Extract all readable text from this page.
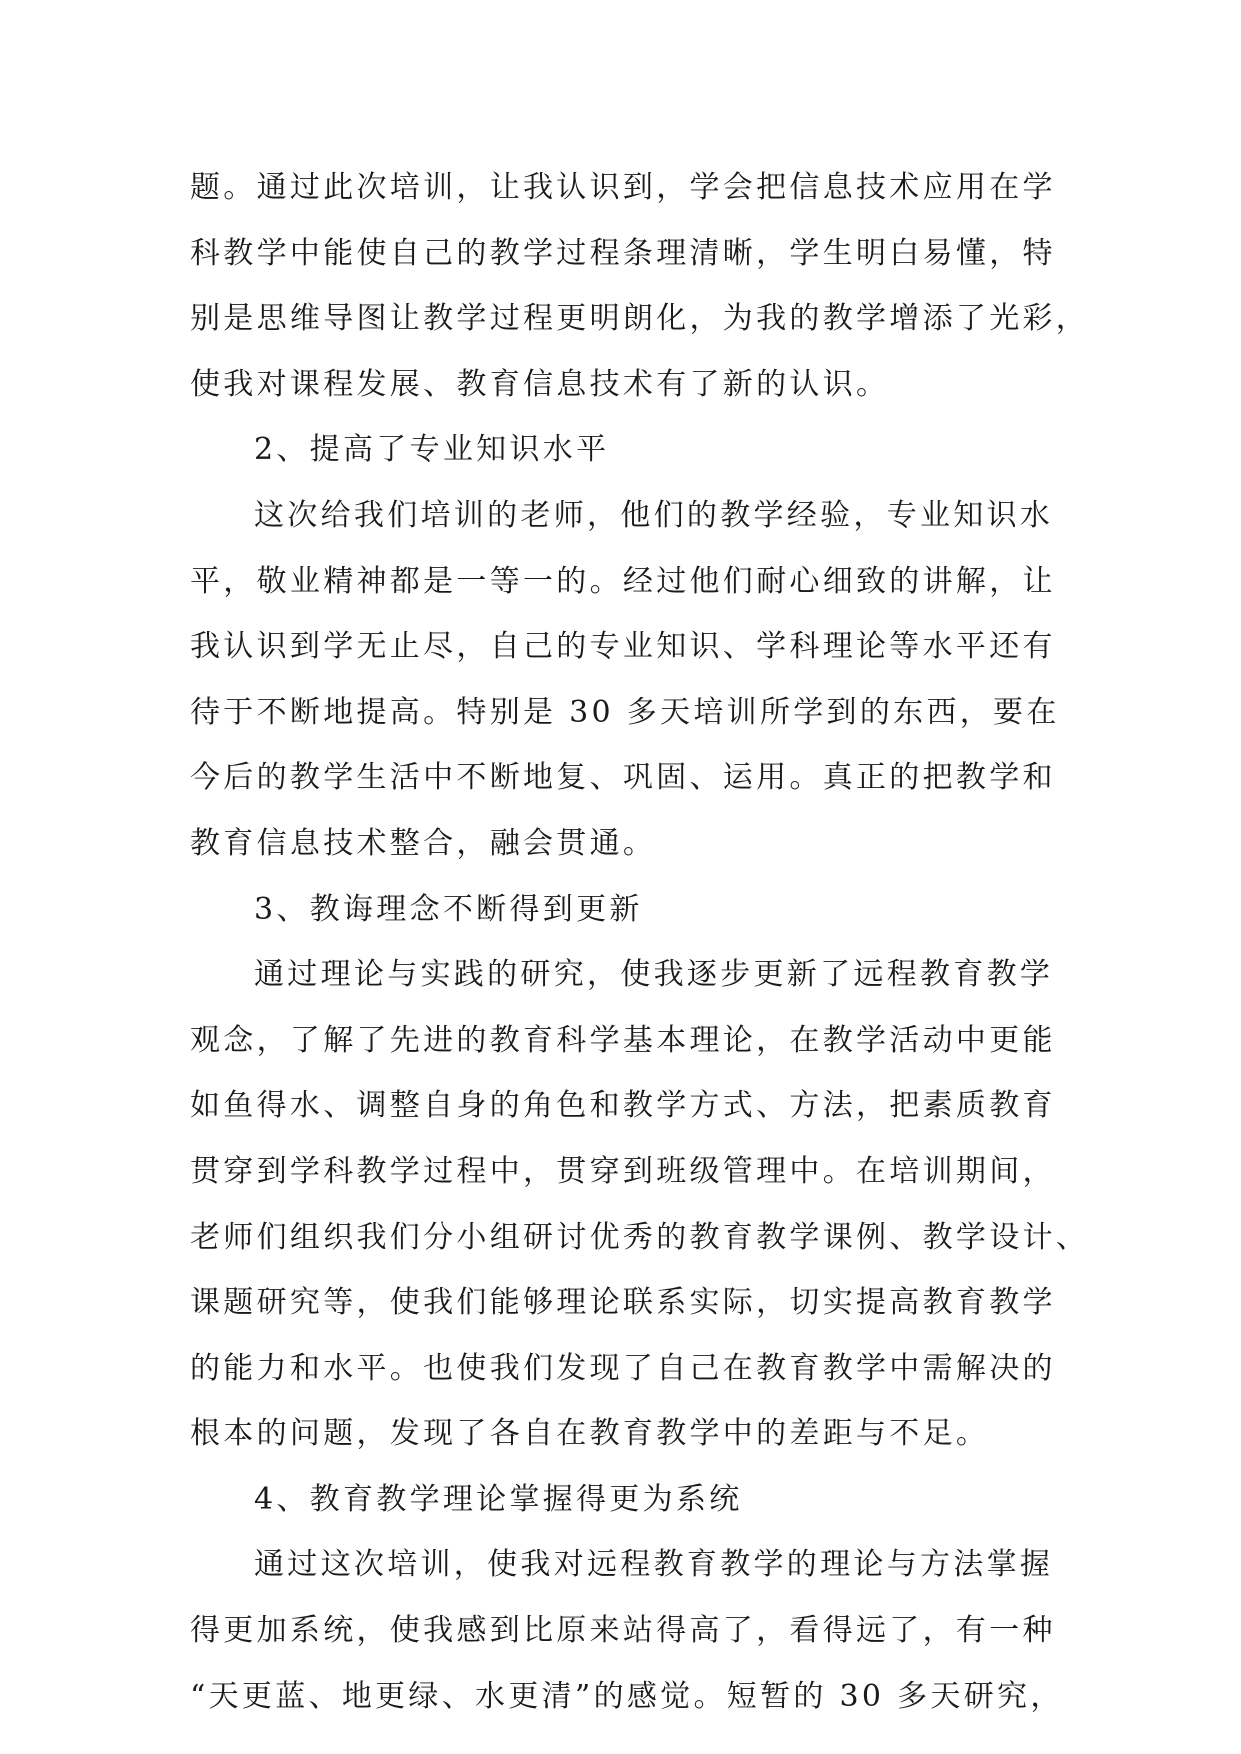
题。通过此次培训，让我认识到，学会把信息技术应用在学
科教学中能使自己的教学过程条理清晰，学生明白易懂，特
别是思维导图让教学过程更明朗化，为我的教学增添了光彩，
使我对课程发展、教育信息技术有了新的认识。
2、提高了专业知识水平
这次给我们培训的老师，他们的教学经验，专业知识水
平，敬业精神都是一等一的。经过他们耐心细致的讲解，让
我认识到学无止尽，自己的专业知识、学科理论等水平还有
待于不断地提高。特别是 30 多天培训所学到的东西，要在
今后的教学生活中不断地复、巩固、运用。真正的把教学和
教育信息技术整合，融会贯通。
3、教诲理念不断得到更新
通过理论与实践的研究，使我逐步更新了远程教育教学
观念，了解了先进的教育科学基本理论，在教学活动中更能
如鱼得水、调整自身的角色和教学方式、方法，把素质教育
贯穿到学科教学过程中，贯穿到班级管理中。在培训期间，
老师们组织我们分小组研讨优秀的教育教学课例、教学设计、
课题研究等，使我们能够理论联系实际，切实提高教育教学
的能力和水平。也使我们发现了自己在教育教学中需解决的
根本的问题，发现了各自在教育教学中的差距与不足。
4、教育教学理论掌握得更为系统
通过这次培训，使我对远程教育教学的理论与方法掌握
得更加系统，使我感到比原来站得高了，看得远了，有一种
“天更蓝、地更绿、水更清”的感觉。短暂的 30 多天研究，
